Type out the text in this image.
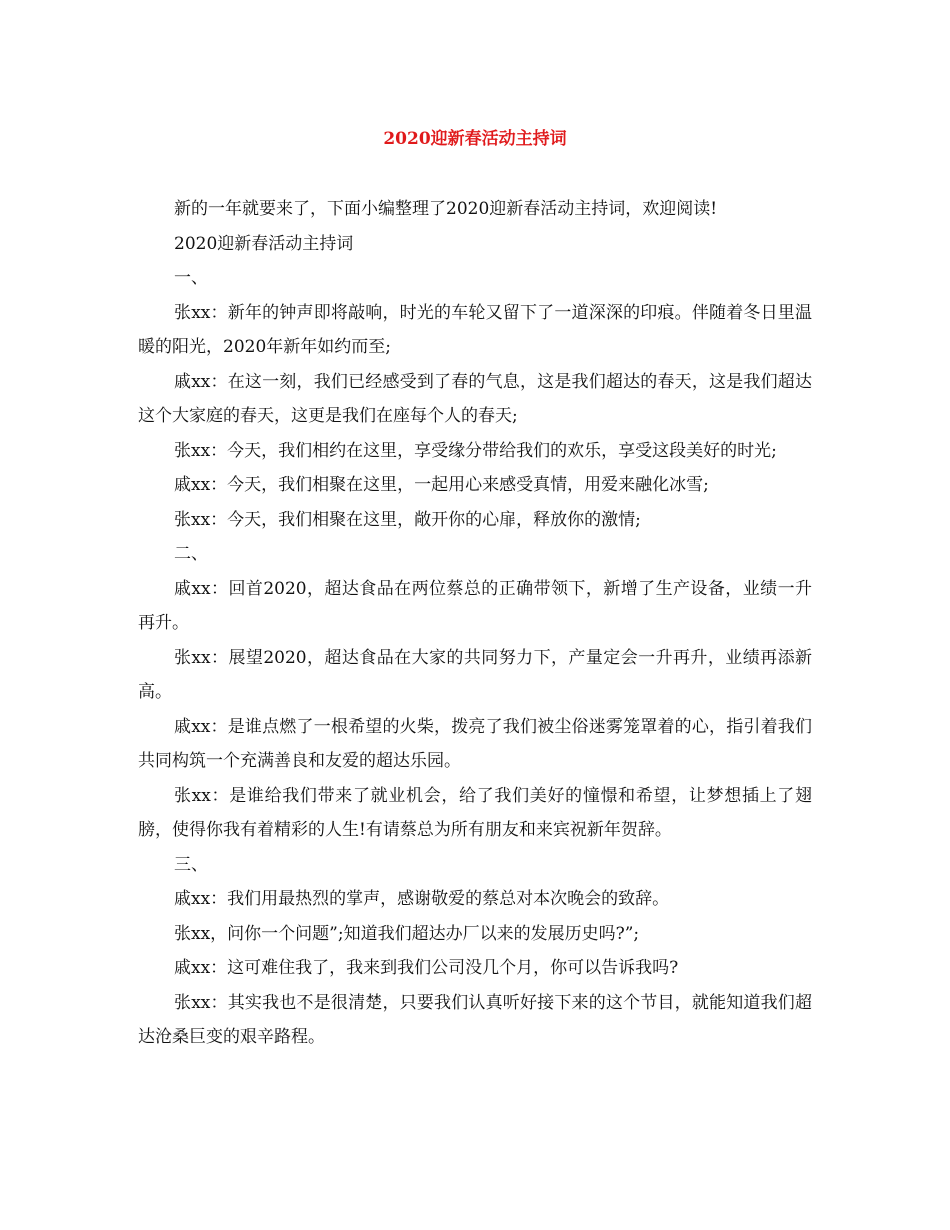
2020迎新春活动主持词

新的一年就要来了，下面小编整理了2020迎新春活动主持词，欢迎阅读!

2020迎新春活动主持词

一、

张xx：新年的钟声即将敲响，时光的车轮又留下了一道深深的印痕。伴随着冬日里温暖的阳光，2020年新年如约而至;

戚xx：在这一刻，我们已经感受到了春的气息，这是我们超达的春天，这是我们超达这个大家庭的春天，这更是我们在座每个人的春天;

张xx：今天，我们相约在这里，享受缘分带给我们的欢乐，享受这段美好的时光;

戚xx：今天，我们相聚在这里，一起用心来感受真情，用爱来融化冰雪;

张xx：今天，我们相聚在这里，敞开你的心扉，释放你的激情;

二、

戚xx：回首2020，超达食品在两位蔡总的正确带领下，新增了生产设备，业绩一升再升。

张xx：展望2020，超达食品在大家的共同努力下，产量定会一升再升，业绩再添新高。

戚xx：是谁点燃了一根希望的火柴，拨亮了我们被尘俗迷雾笼罩着的心，指引着我们共同构筑一个充满善良和友爱的超达乐园。

张xx：是谁给我们带来了就业机会，给了我们美好的憧憬和希望，让梦想插上了翅膀，使得你我有着精彩的人生!有请蔡总为所有朋友和来宾祝新年贺辞。

三、

戚xx：我们用最热烈的掌声，感谢敬爱的蔡总对本次晚会的致辞。

张xx，问你一个问题”;知道我们超达办厂以来的发展历史吗?”;

戚xx：这可难住我了，我来到我们公司没几个月，你可以告诉我吗?

张xx：其实我也不是很清楚，只要我们认真听好接下来的这个节目，就能知道我们超达沧桑巨变的艰辛路程。
